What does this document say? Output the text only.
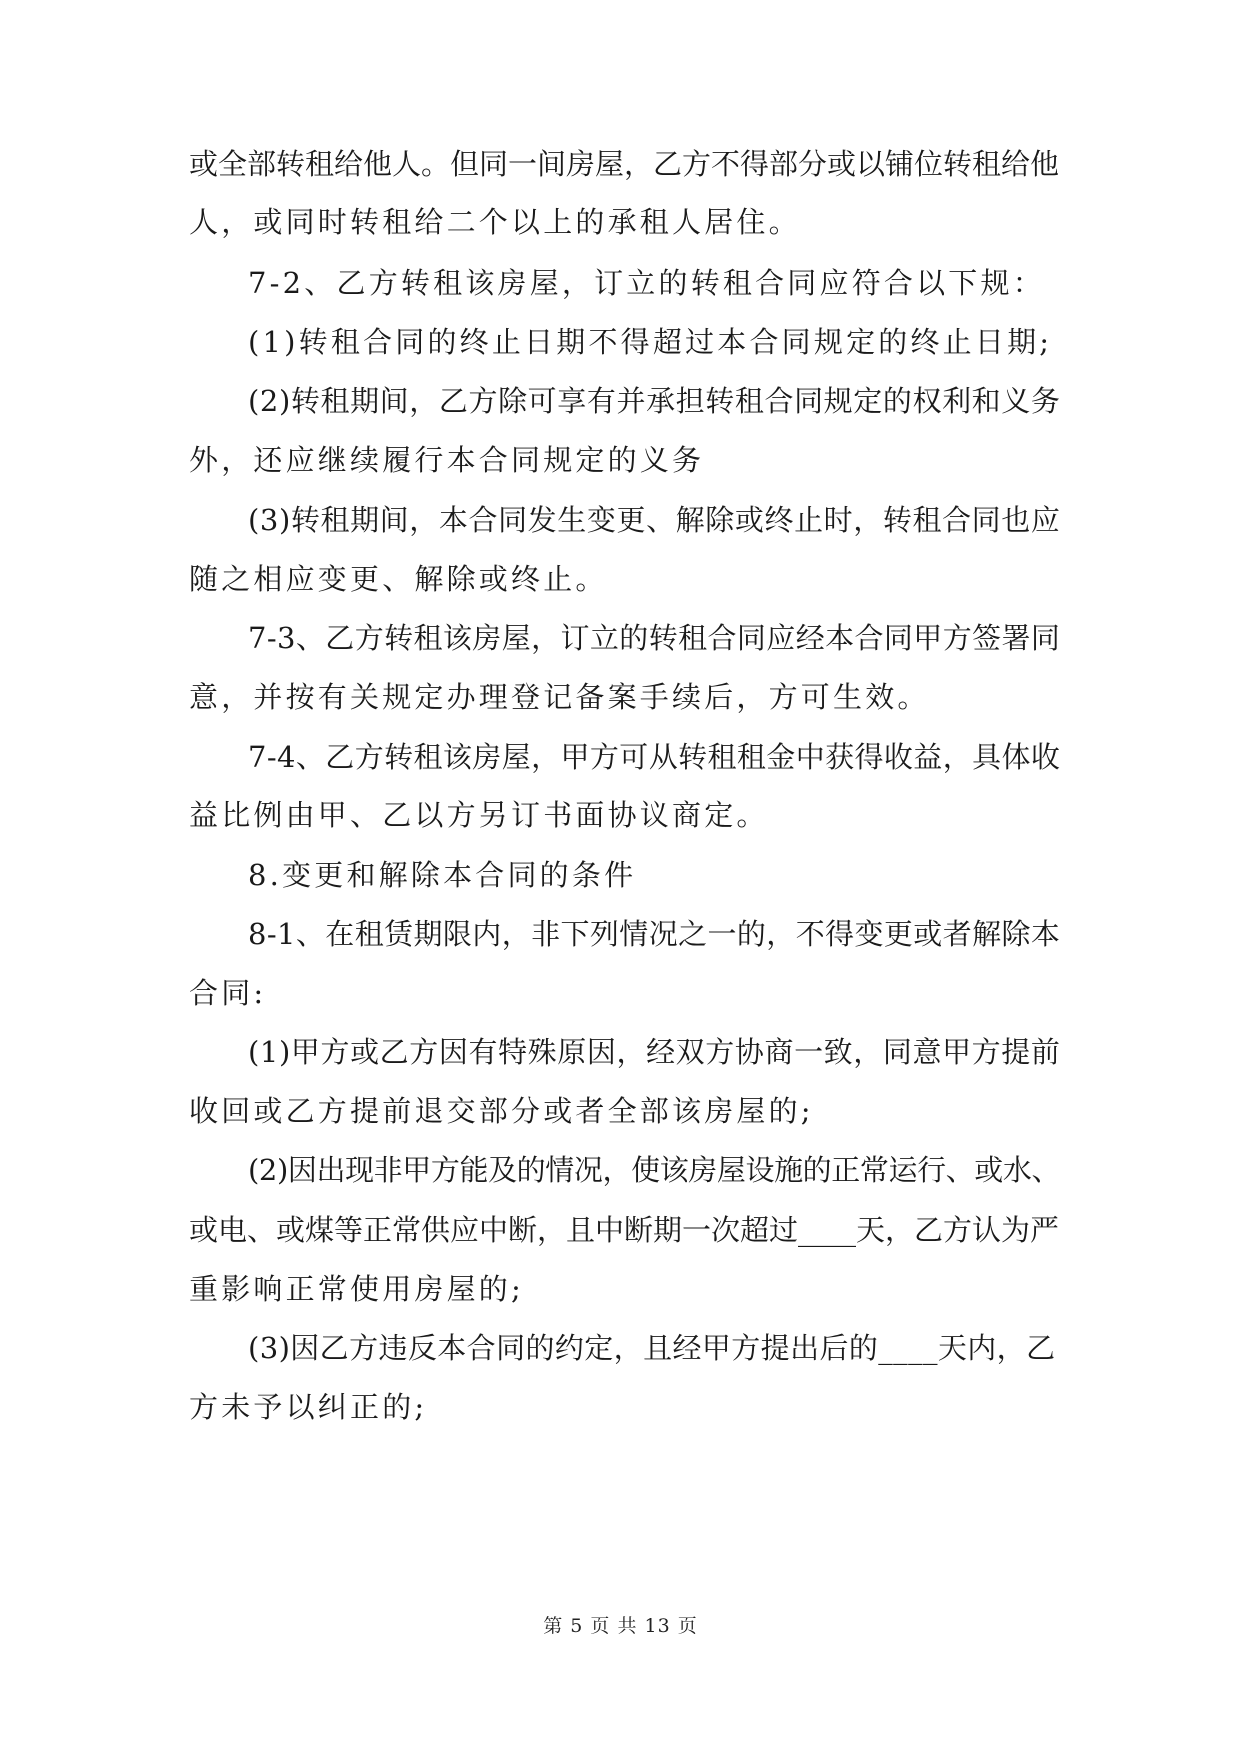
或全部转租给他人。但同一间房屋，乙方不得部分或以铺位转租给他
人，或同时转租给二个以上的承租人居住。
7-2、乙方转租该房屋，订立的转租合同应符合以下规：
(1)转租合同的终止日期不得超过本合同规定的终止日期;
(2)转租期间，乙方除可享有并承担转租合同规定的权利和义务
外，还应继续履行本合同规定的义务
(3)转租期间，本合同发生变更、解除或终止时，转租合同也应
随之相应变更、解除或终止。
7-3、乙方转租该房屋，订立的转租合同应经本合同甲方签署同
意，并按有关规定办理登记备案手续后，方可生效。
7-4、乙方转租该房屋，甲方可从转租租金中获得收益，具体收
益比例由甲、乙以方另订书面协议商定。
8.变更和解除本合同的条件
8-1、在租赁期限内，非下列情况之一的，不得变更或者解除本
合同:
(1)甲方或乙方因有特殊原因，经双方协商一致，同意甲方提前
收回或乙方提前退交部分或者全部该房屋的;
(2)因出现非甲方能及的情况，使该房屋设施的正常运行、或水、
或电、或煤等正常供应中断，且中断期一次超过____天，乙方认为严
重影响正常使用房屋的;
(3)因乙方违反本合同的约定，且经甲方提出后的____天内，乙
方未予以纠正的;
第 5 页 共 13 页
